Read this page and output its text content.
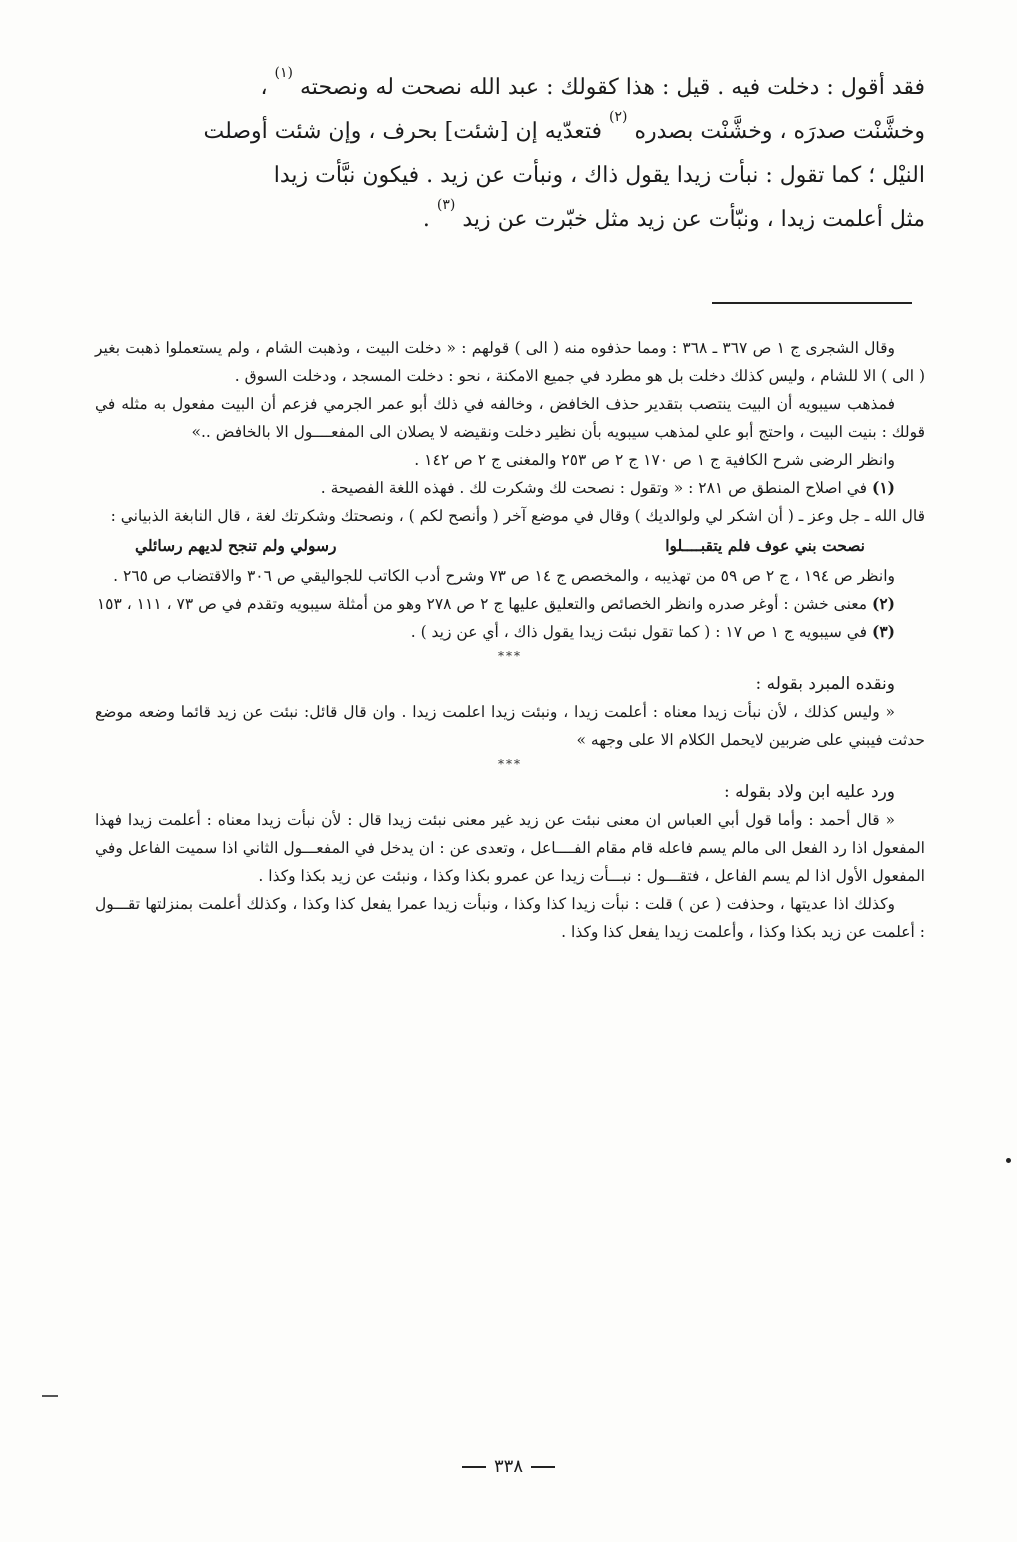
فقد أقول : دخلت فيه . قيل : هذا كقولك : عبد الله نصحت له ونصحته $^{(١)}$ ،

وخشَّنْت صدرَه ، وخشَّنْت بصدره $^{(٢)}$ فتعدّيه إن [شئت] بحرف ، وإن شئت أوصلت

النيْل ؛ كما تقول : نبأت زيدا يقول ذاك ، ونبأت عن زيد . فيكون نبَّأت زيدا

مثل أعلمت زيدا ، ونبّأت عن زيد مثل خبّرت عن زيد $^{(٣)}$ .

وقال الشجرى ج ١ ص ٣٦٧ ـ ٣٦٨ : ومما حذفوه منه ( الى ) قولهم : « دخلت البيت ، وذهبت الشام ، ولم يستعملوا ذهبت بغير ( الى ) الا للشام ، وليس كذلك دخلت بل هو مطرد في جميع الامكنة ، نحو : دخلت المسجد ، ودخلت السوق .

فمذهب سيبويه أن البيت ينتصب بتقدير حذف الخافض ، وخالفه في ذلك أبو عمر الجرمي فزعم أن البيت مفعول به مثله في قولك : بنيت البيت ، واحتج أبو علي لمذهب سيبويه بأن نظير دخلت ونقيضه لا يصلان الى المفعــــول الا بالخافض ..»

وانظر الرضى شرح الكافية ج ١ ص ١٧٠ ج ٢ ص ٢٥٣ والمغنى ج ٢ ص ١٤٢ .

(١) في اصلاح المنطق ص ٢٨١ : « وتقول : نصحت لك وشكرت لك . فهذه اللغة الفصيحة .

قال الله ـ جل وعز ـ ( أن اشكر لي ولوالديك ) وقال في موضع آخر ( وأنصح لكم ) ، ونصحتك وشكرتك لغة ، قال النابغة الذبياني :

نصحت بني عوف فلم يتقبــــلوا
رسولي ولم تنجح لديهم رسائلي

وانظر ص ١٩٤ ، ج ٢ ص ٥٩ من تهذيبه ، والمخصص ج ١٤ ص ٧٣ وشرح أدب الكاتب للجواليقي ص ٣٠٦ والاقتضاب ص ٢٦٥ .

(٢) معنى خشن : أوغر صدره وانظر الخصائص والتعليق عليها ج ٢ ص ٢٧٨ وهو من أمثلة سيبويه وتقدم في ص ٧٣ ، ١١١ ، ١٥٣

(٣) في سيبويه ج ١ ص ١٧ : ( كما تقول نبئت زيدا يقول ذاك ، أي عن زيد ) .

***

ونقده المبرد بقوله :

« وليس كذلك ، لأن نبأت زيدا معناه : أعلمت زيدا ، ونبئت زيدا اعلمت زيدا . وان قال قائل: نبئت عن زيد قائما وضعه موضع حدثت فيبني على ضربين لايحمل الكلام الا على وجهه »

***

ورد عليه ابن ولاد بقوله :

« قال أحمد : وأما قول أبي العباس ان معنى نبئت عن زيد غير معنى نبئت زيدا قال : لأن نبأت زيدا معناه : أعلمت زيدا فهذا المفعول اذا رد الفعل الى مالم يسم فاعله قام مقام الفــــاعل ، وتعدى عن : ان يدخل في المفعـــول الثاني اذا سميت الفاعل وفي المفعول الأول اذا لم يسم الفاعل ، فتقـــول : نبـــأت زيدا عن عمرو بكذا وكذا ، ونبئت عن زيد بكذا وكذا .

وكذلك اذا عديتها ، وحذفت ( عن ) قلت : نبأت زيدا كذا وكذا ، ونبأت زيدا عمرا يفعل كذا وكذا ، وكذلك أعلمت بمنزلتها تقـــول : أعلمت عن زيد بكذا وكذا ، وأعلمت زيدا يفعل كذا وكذا .

٣٣٨
